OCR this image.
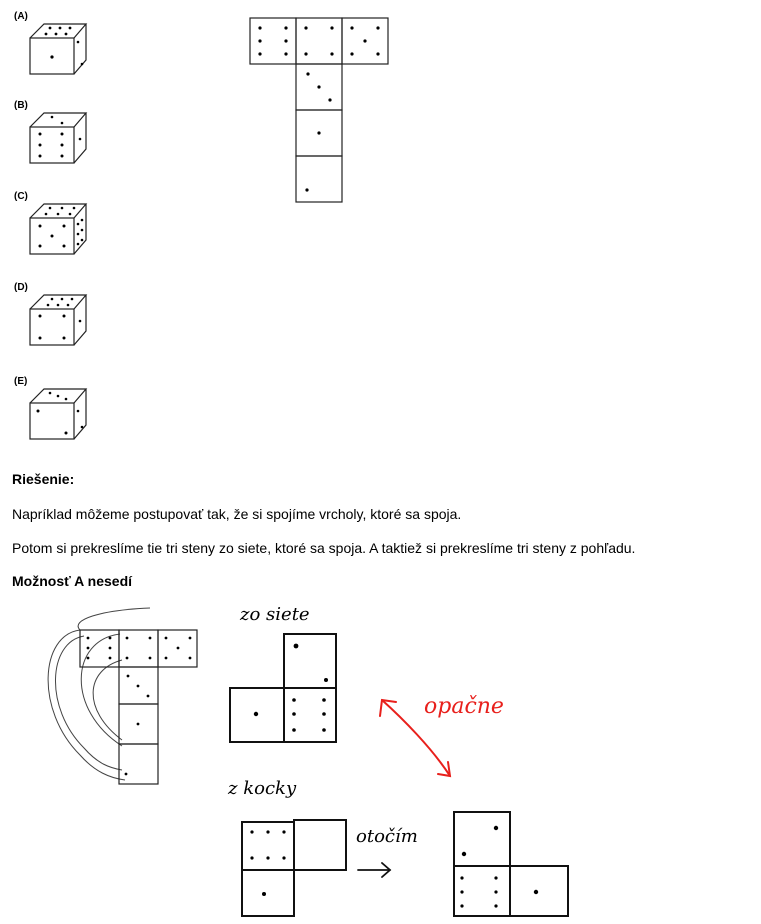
(A)
(B)
(C)
(D)
(E)
Riešenie:
Napríklad môžeme postupovať tak, že si spojíme vrcholy, ktoré sa spoja.
Potom si prekreslíme tie tri steny zo siete, ktoré sa spoja. A taktiež si prekreslíme tri steny z pohľadu.
Možnosť A nesedí
zo siete
opačne
z kocky
otočím
